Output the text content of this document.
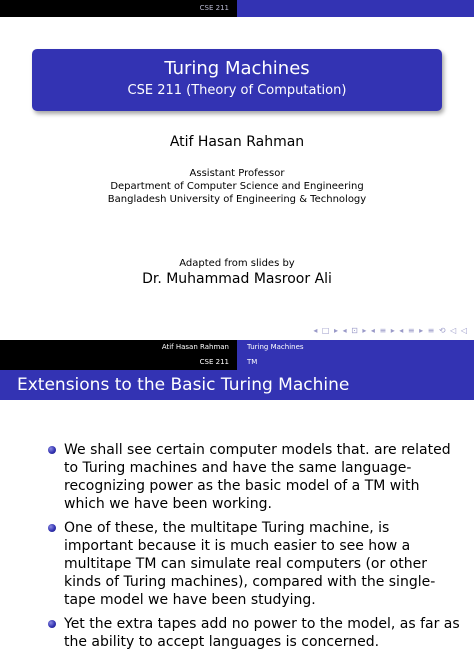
CSE 211
Turing Machines
CSE 211 (Theory of Computation)
Atif Hasan Rahman
Assistant Professor
Department of Computer Science and Engineering
Bangladesh University of Engineering & Technology
Adapted from slides by
Dr. Muhammad Masroor Ali
◂ □ ▸ ◂ ⊡ ▸ ◂ ≡ ▸ ◂ ≡ ▸ ≡ ⟲ ◁ ◁
Atif Hasan Rahman
CSE 211
Turing Machines
TM
Extensions to the Basic Turing Machine
We shall see certain computer models that. are related to Turing machines and have the same language-recognizing power as the basic model of a TM with which we have been working.
One of these, the multitape Turing machine, is important because it is much easier to see how a multitape TM can simulate real computers (or other kinds of Turing machines), compared with the single-tape model we have been studying.
Yet the extra tapes add no power to the model, as far as the ability to accept languages is concerned.
